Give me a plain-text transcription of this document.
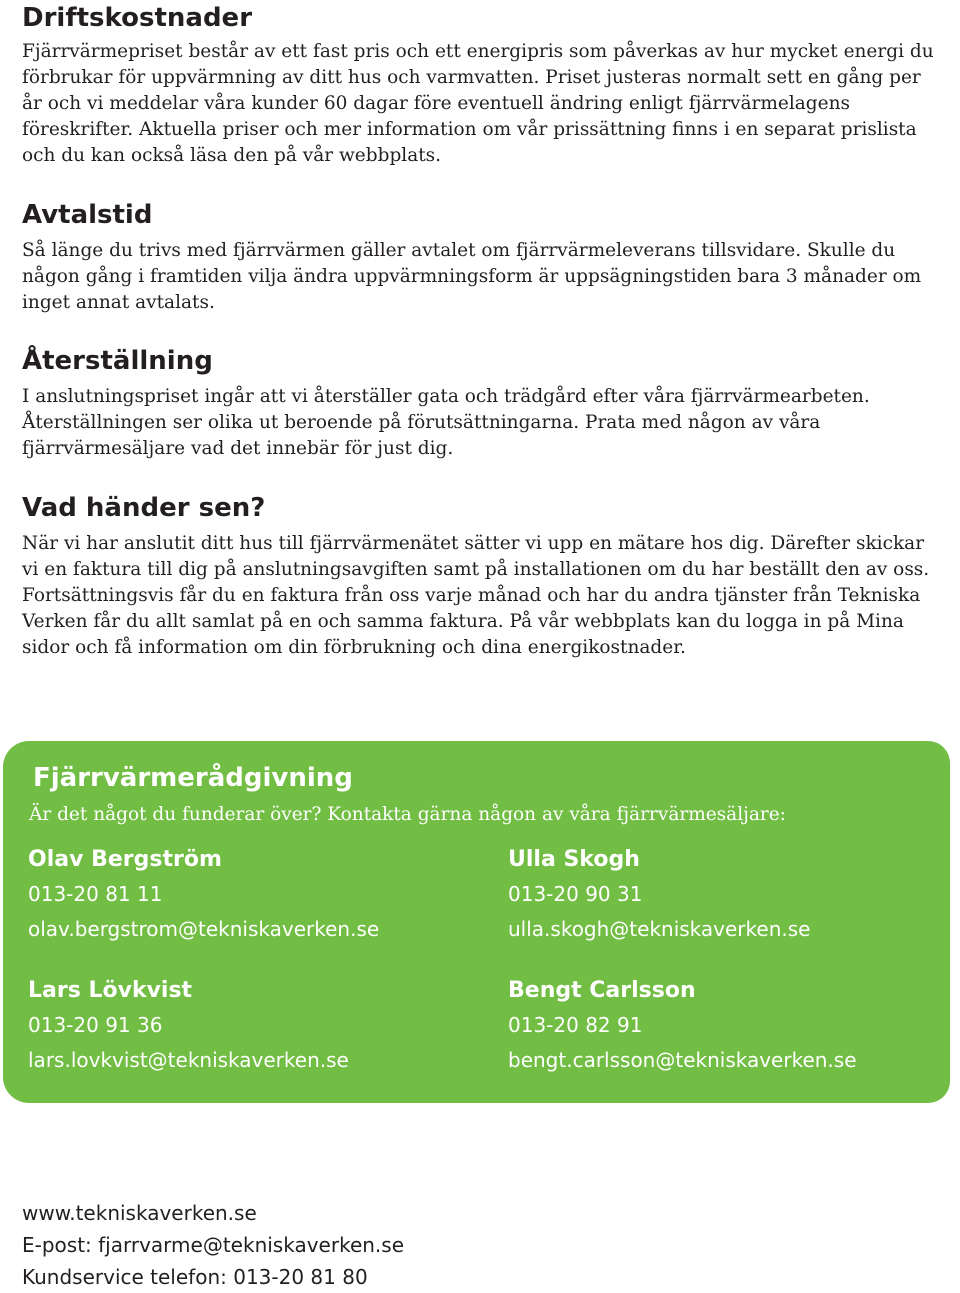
Driftskostnader

Fjärrvärmepriset består av ett fast pris och ett energipris som påverkas av hur mycket energi du förbrukar för uppvärmning av ditt hus och varmvatten. Priset justeras normalt sett en gång per år och vi meddelar våra kunder 60 dagar före eventuell ändring enligt fjärrvärmelagens föreskrifter. Aktuella priser och mer information om vår prissättning finns i en separat prislista och du kan också läsa den på vår webbplats.

Avtalstid

Så länge du trivs med fjärrvärmen gäller avtalet om fjärrvärmeleverans tillsvidare. Skulle du någon gång i framtiden vilja ändra uppvärmningsform är uppsägningstiden bara 3 månader om inget annat avtalats.

Återställning

I anslutningspriset ingår att vi återställer gata och trädgård efter våra fjärrvärmearbeten. Återställningen ser olika ut beroende på förutsättningarna. Prata med någon av våra fjärrvärmesäljare vad det innebär för just dig.

Vad händer sen?

När vi har anslutit ditt hus till fjärrvärmenätet sätter vi upp en mätare hos dig. Därefter skickar vi en faktura till dig på anslutningsavgiften samt på installationen om du har beställt den av oss. Fortsättningsvis får du en faktura från oss varje månad och har du andra tjänster från Tekniska Verken får du allt samlat på en och samma faktura. På vår webbplats kan du logga in på Mina sidor och få information om din förbrukning och dina energikostnader.

Fjärrvärmerådgivning
Är det något du funderar över? Kontakta gärna någon av våra fjärrvärmesäljare:
Olav Bergström
013-20 81 11
olav.bergstrom@tekniskaverken.se
Ulla Skogh
013-20 90 31
ulla.skogh@tekniskaverken.se
Lars Lövkvist
013-20 91 36
lars.lovkvist@tekniskaverken.se
Bengt Carlsson
013-20 82 91
bengt.carlsson@tekniskaverken.se
www.tekniskaverken.se
E-post: fjarrvarme@tekniskaverken.se
Kundservice telefon: 013-20 81 80
